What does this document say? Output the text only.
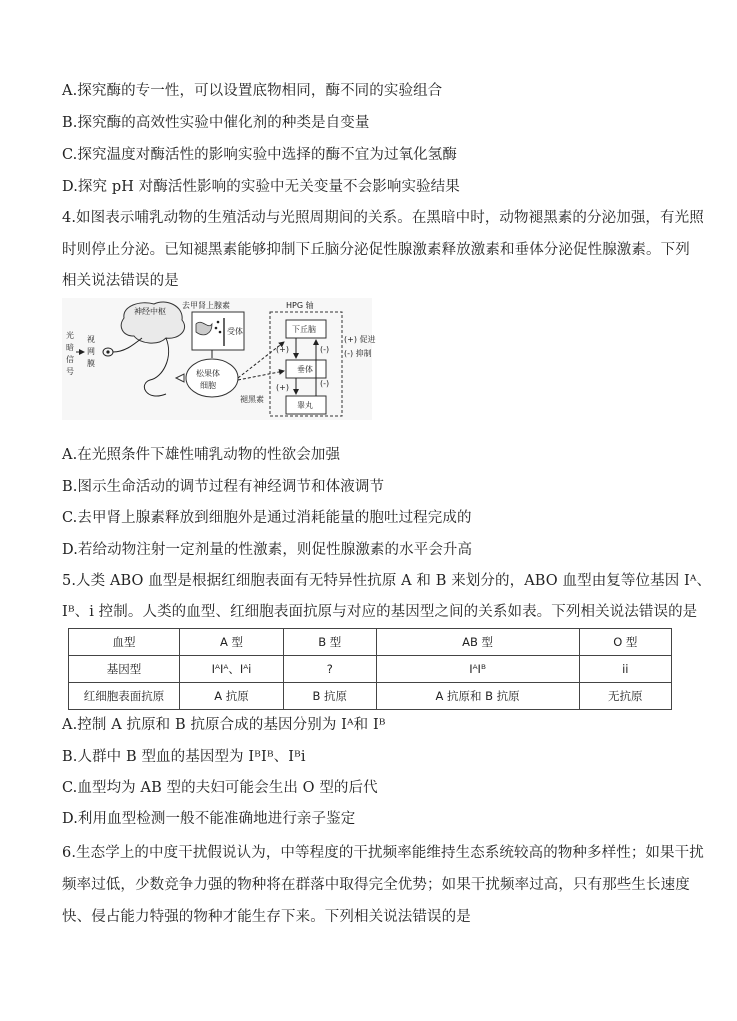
A.探究酶的专一性，可以设置底物相同，酶不同的实验组合
B.探究酶的高效性实验中催化剂的种类是自变量
C.探究温度对酶活性的影响实验中选择的酶不宜为过氧化氢酶
D.探究 pH 对酶活性影响的实验中无关变量不会影响实验结果
4.如图表示哺乳动物的生殖活动与光照周期间的关系。在黑暗中时，动物褪黑素的分泌加强，有光照
时则停止分泌。已知褪黑素能够抑制下丘脑分泌促性腺激素释放激素和垂体分泌促性腺激素。下列
相关说法错误的是
光
暗
信
号
视
网
膜
神经中枢
去甲肾上腺素
受体
松果体
细胞
褪黑素
HPG 轴
下丘脑
垂体
睾丸
(+)
(+)
(-)
(-)
(+) 促进
(-) 抑制
A.在光照条件下雄性哺乳动物的性欲会加强
B.图示生命活动的调节过程有神经调节和体液调节
C.去甲肾上腺素释放到细胞外是通过消耗能量的胞吐过程完成的
D.若给动物注射一定剂量的性激素，则促性腺激素的水平会升高
5.人类 ABO 血型是根据红细胞表面有无特异性抗原 A 和 B 来划分的，ABO 血型由复等位基因 Iᴬ、
Iᴮ、i 控制。人类的血型、红细胞表面抗原与对应的基因型之间的关系如表。下列相关说法错误的是
血型	A 型	B 型	AB 型	O 型
基因型	IᴬIᴬ、Iᴬi	?	IᴬIᴮ	ii
红细胞表面抗原	A 抗原	B 抗原	A 抗原和 B 抗原	无抗原
A.控制 A 抗原和 B 抗原合成的基因分别为 Iᴬ和 Iᴮ
B.人群中 B 型血的基因型为 IᴮIᴮ、Iᴮi
C.血型均为 AB 型的夫妇可能会生出 O 型的后代
D.利用血型检测一般不能准确地进行亲子鉴定
6.生态学上的中度干扰假说认为，中等程度的干扰频率能维持生态系统较高的物种多样性；如果干扰
频率过低，少数竞争力强的物种将在群落中取得完全优势；如果干扰频率过高，只有那些生长速度
快、侵占能力特强的物种才能生存下来。下列相关说法错误的是
